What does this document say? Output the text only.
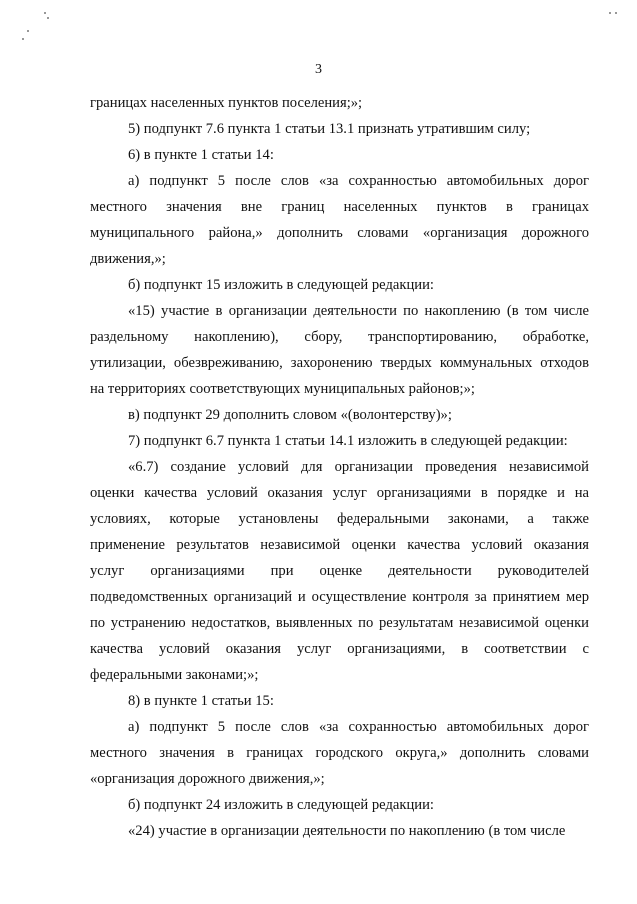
3
границах населенных пунктов поселения;»;
5) подпункт 7.6 пункта 1 статьи 13.1 признать утратившим силу;
6) в пункте 1 статьи 14:
а) подпункт 5 после слов «за сохранностью автомобильных дорог
местного значения вне границ населенных пунктов в границах
муниципального района,» дополнить словами «организация дорожного
движения,»;
б) подпункт 15 изложить в следующей редакции:
«15) участие в организации деятельности по накоплению (в том числе
раздельному накоплению), сбору, транспортированию, обработке,
утилизации, обезвреживанию, захоронению твердых коммунальных отходов
на территориях соответствующих муниципальных районов;»;
в) подпункт 29 дополнить словом «(волонтерству)»;
7) подпункт 6.7 пункта 1 статьи 14.1 изложить в следующей редакции:
«6.7) создание условий для организации проведения независимой
оценки качества условий оказания услуг организациями в порядке и на
условиях, которые установлены федеральными законами, а также
применение результатов независимой оценки качества условий оказания
услуг организациями при оценке деятельности руководителей
подведомственных организаций и осуществление контроля за принятием мер
по устранению недостатков, выявленных по результатам независимой оценки
качества условий оказания услуг организациями, в соответствии с
федеральными законами;»;
8) в пункте 1 статьи 15:
а) подпункт 5 после слов «за сохранностью автомобильных дорог
местного значения в границах городского округа,» дополнить словами
«организация дорожного движения,»;
б) подпункт 24 изложить в следующей редакции:
«24) участие в организации деятельности по накоплению (в том числе
